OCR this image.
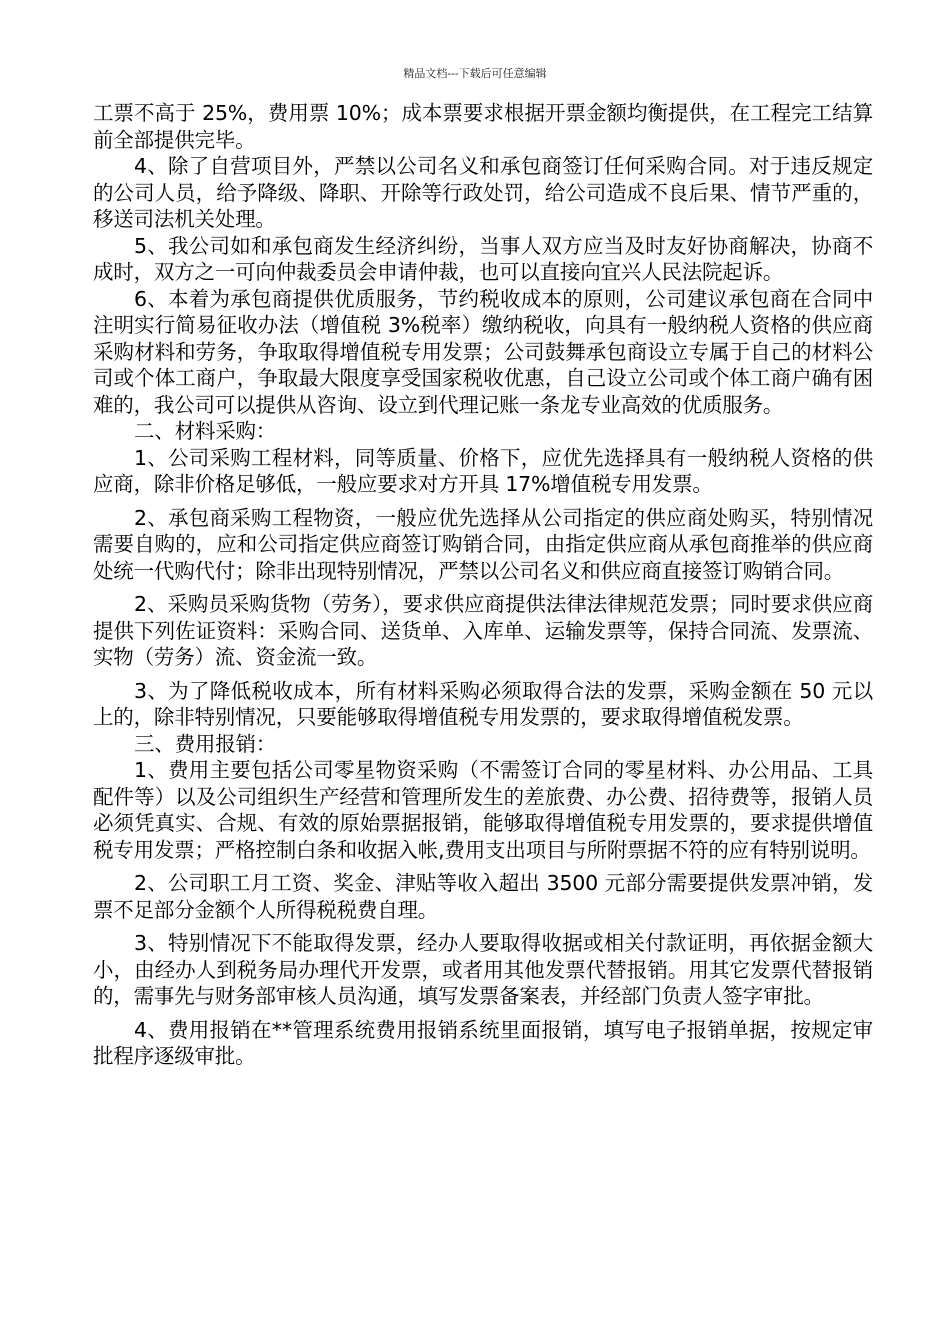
精品文档---下载后可任意编辑

工票不高于 25%，费用票 10%；成本票要求根据开票金额均衡提供，在工程完工结算前全部提供完毕。

4、除了自营项目外，严禁以公司名义和承包商签订任何采购合同。对于违反规定的公司人员，给予降级、降职、开除等行政处罚，给公司造成不良后果、情节严重的，移送司法机关处理。

5、我公司如和承包商发生经济纠纷，当事人双方应当及时友好协商解决，协商不成时，双方之一可向仲裁委员会申请仲裁，也可以直接向宜兴人民法院起诉。

6、本着为承包商提供优质服务，节约税收成本的原则，公司建议承包商在合同中注明实行简易征收办法（增值税 3%税率）缴纳税收，向具有一般纳税人资格的供应商采购材料和劳务，争取取得增值税专用发票；公司鼓舞承包商设立专属于自己的材料公司或个体工商户，争取最大限度享受国家税收优惠，自己设立公司或个体工商户确有困难的，我公司可以提供从咨询、设立到代理记账一条龙专业高效的优质服务。

二、材料采购：

1、公司采购工程材料，同等质量、价格下，应优先选择具有一般纳税人资格的供应商，除非价格足够低，一般应要求对方开具 17%增值税专用发票。

2、承包商采购工程物资，一般应优先选择从公司指定的供应商处购买，特别情况需要自购的，应和公司指定供应商签订购销合同，由指定供应商从承包商推举的供应商处统一代购代付；除非出现特别情况，严禁以公司名义和供应商直接签订购销合同。

2、采购员采购货物（劳务），要求供应商提供法律法律规范发票；同时要求供应商提供下列佐证资料：采购合同、送货单、入库单、运输发票等，保持合同流、发票流、实物（劳务）流、资金流一致。

3、为了降低税收成本，所有材料采购必须取得合法的发票，采购金额在 50 元以上的，除非特别情况，只要能够取得增值税专用发票的，要求取得增值税发票。

三、费用报销：

1、费用主要包括公司零星物资采购（不需签订合同的零星材料、办公用品、工具配件等）以及公司组织生产经营和管理所发生的差旅费、办公费、招待费等，报销人员必须凭真实、合规、有效的原始票据报销，能够取得增值税专用发票的，要求提供增值税专用发票；严格控制白条和收据入帐,费用支出项目与所附票据不符的应有特别说明。

2、公司职工月工资、奖金、津贴等收入超出 3500 元部分需要提供发票冲销，发票不足部分金额个人所得税税费自理。

3、特别情况下不能取得发票，经办人要取得收据或相关付款证明，再依据金额大小，由经办人到税务局办理代开发票，或者用其他发票代替报销。用其它发票代替报销的，需事先与财务部审核人员沟通，填写发票备案表，并经部门负责人签字审批。

4、费用报销在**管理系统费用报销系统里面报销，填写电子报销单据，按规定审批程序逐级审批。
